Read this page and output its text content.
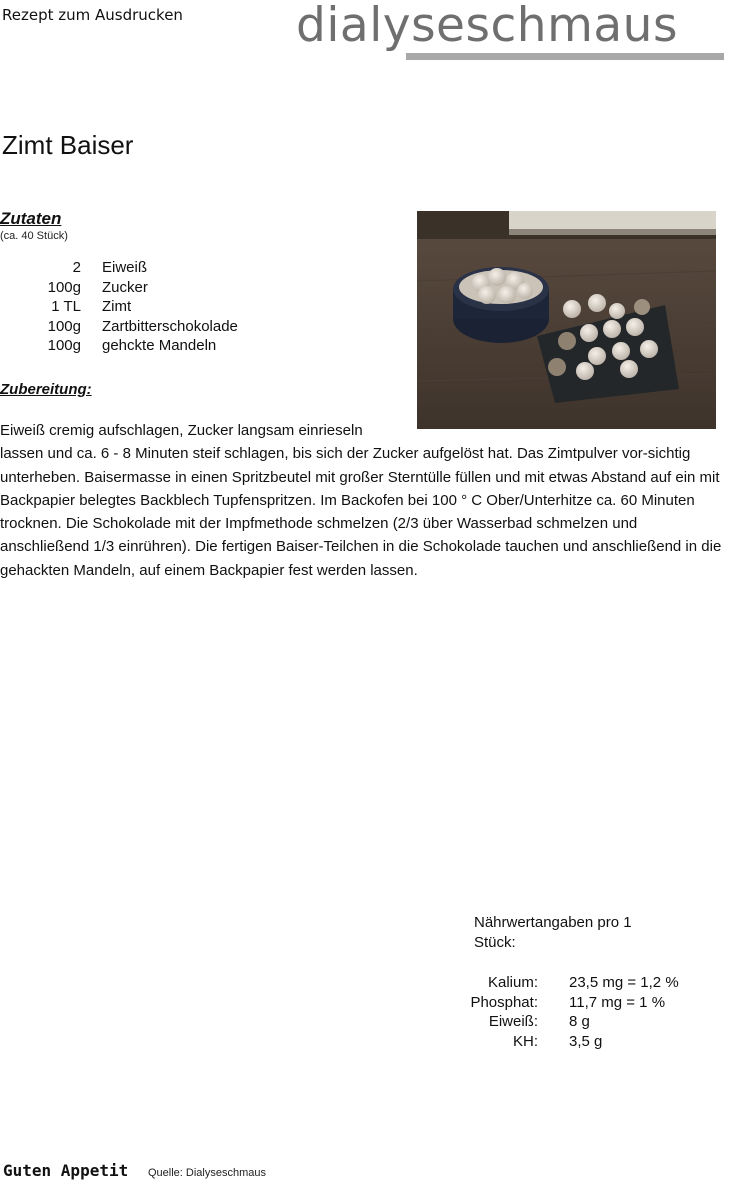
Rezept zum Ausdrucken dialyseschmaus
Zimt Baiser
Zutaten
(ca. 40 Stück)
2 Eiweiß
100g Zucker
1 TL Zimt
100g Zartbitterschokolade
100g gehckte Mandeln
Zubereitung:
Eiweiß cremig aufschlagen, Zucker langsam einrieseln
lassen und ca. 6 - 8 Minuten steif schlagen, bis sich der Zucker aufgelöst hat. Das Zimtpulver vor-sichtig unterheben. Baisermasse in einen Spritzbeutel mit großer Sterntülle füllen und mit etwas Abstand auf ein mit Backpapier belegtes Backblech Tupfenspritzen. Im Backofen bei 100 ° C Ober/Unterhitze ca. 60 Minuten trocknen. Die Schokolade mit der Impfmethode schmelzen (2/3 über Wasserbad schmelzen und anschließend 1/3 einrühren). Die fertigen Baiser-Teilchen in die Schokolade tauchen und anschließend in die gehackten Mandeln, auf einem Backpapier fest werden lassen.
Nährwertangaben pro 1 Stück:
Kalium: 23,5 mg = 1,2 %
Phosphat: 11,7 mg = 1 %
Eiweiß: 8 g
KH: 3,5 g
Guten Appetit Quelle: Dialyseschmaus
